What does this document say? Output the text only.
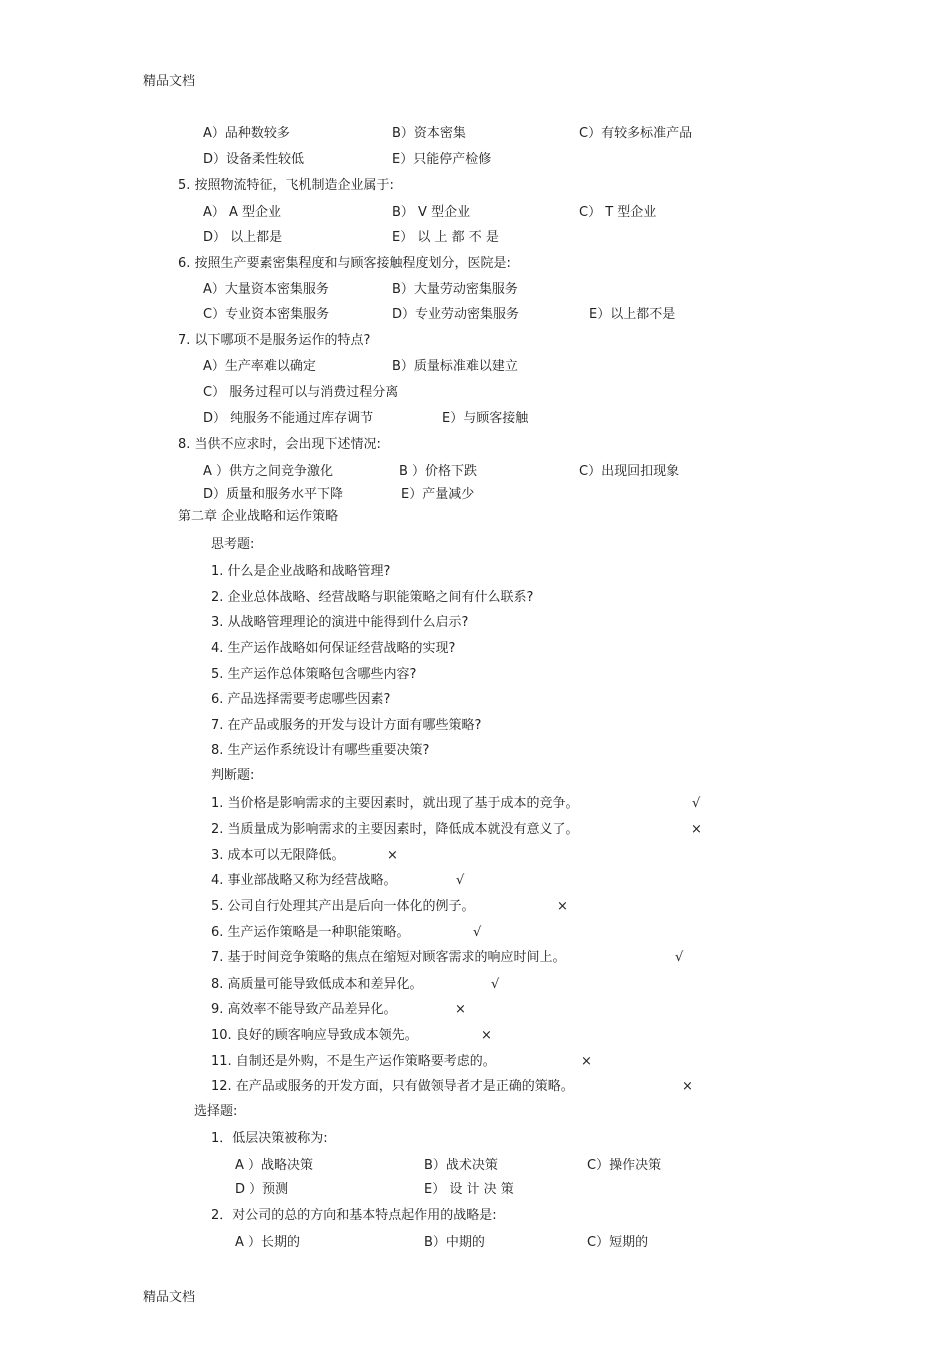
精品文档
A）品种数较多	B）资本密集	C）有较多标准产品
D）设备柔性较低	E）只能停产检修
5. 按照物流特征，飞机制造企业属于:
A） A 型企业	B） V 型企业	C） T 型企业
D） 以上都是	E） 以 上 都 不 是
6. 按照生产要素密集程度和与顾客接触程度划分，医院是:
A）大量资本密集服务	B）大量劳动密集服务
C）专业资本密集服务	D）专业劳动密集服务	E）以上都不是
7. 以下哪项不是服务运作的特点?
A）生产率难以确定	B）质量标准难以建立
C） 服务过程可以与消费过程分离
D） 纯服务不能通过库存调节	E）与顾客接触
8. 当供不应求时，会出现下述情况:
A ）供方之间竞争激化	B ）价格下跌	C）出现回扣现象
D）质量和服务水平下降	E）产量减少
第二章 企业战略和运作策略
思考题:
1. 什么是企业战略和战略管理?
2. 企业总体战略、经营战略与职能策略之间有什么联系?
3. 从战略管理理论的演进中能得到什么启示?
4. 生产运作战略如何保证经营战略的实现?
5. 生产运作总体策略包含哪些内容?
6. 产品选择需要考虑哪些因素?
7. 在产品或服务的开发与设计方面有哪些策略?
8. 生产运作系统设计有哪些重要决策?
判断题:
1. 当价格是影响需求的主要因素时，就出现了基于成本的竞争。	√
2. 当质量成为影响需求的主要因素时，降低成本就没有意义了。	×
3. 成本可以无限降低。	×
4. 事业部战略又称为经营战略。	√
5. 公司自行处理其产出是后向一体化的例子。	×
6. 生产运作策略是一种职能策略。	√
7. 基于时间竞争策略的焦点在缩短对顾客需求的响应时间上。	√
8. 高质量可能导致低成本和差异化。	√
9. 高效率不能导致产品差异化。	×
10. 良好的顾客响应导致成本领先。	×
11. 自制还是外购，不是生产运作策略要考虑的。	×
12. 在产品或服务的开发方面，只有做领导者才是正确的策略。	×
选择题:
1．低层决策被称为:
A ）战略决策	B）战术决策	C）操作决策
D ）预测	E） 设 计 决 策
2．对公司的总的方向和基本特点起作用的战略是:
A ）长期的	B）中期的	C）短期的
精品文档
